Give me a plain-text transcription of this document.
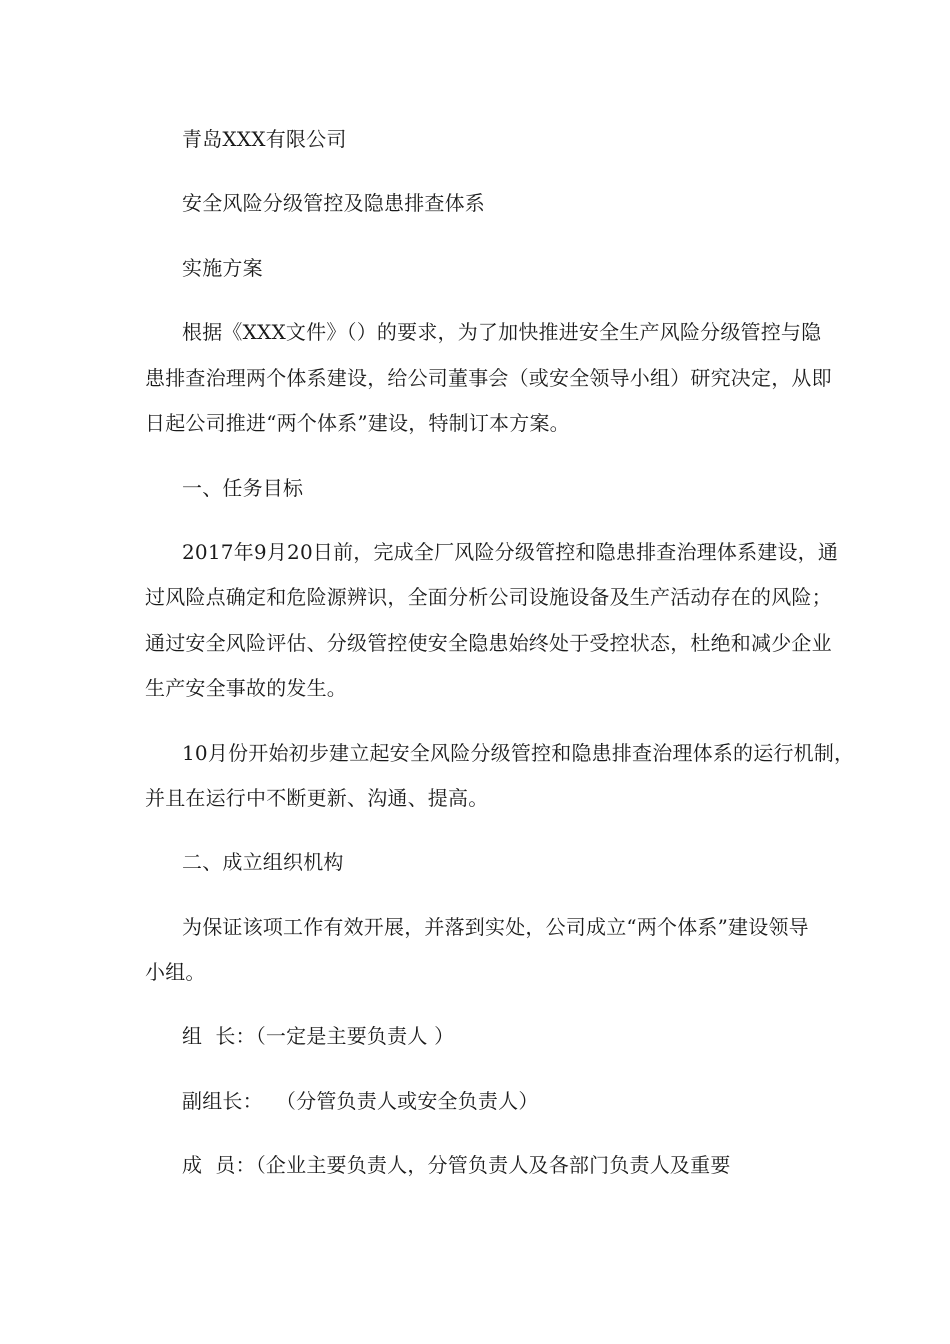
青岛XXX有限公司
安全风险分级管控及隐患排查体系
实施方案
根据《XXX文件》（）的要求，为了加快推进安全生产风险分级管控与隐
患排查治理两个体系建设，给公司董事会（或安全领导小组）研究决定，从即
日起公司推进“两个体系”建设，特制订本方案。
一、任务目标
2017年9月20日前，完成全厂风险分级管控和隐患排查治理体系建设，通
过风险点确定和危险源辨识，全面分析公司设施设备及生产活动存在的风险；
通过安全风险评估、分级管控使安全隐患始终处于受控状态，杜绝和减少企业
生产安全事故的发生。
10月份开始初步建立起安全风险分级管控和隐患排查治理体系的运行机制，
并且在运行中不断更新、沟通、提高。
二、成立组织机构
为保证该项工作有效开展，并落到实处，公司成立“两个体系”建设领导
小组。
组  长：（一定是主要负责人 ）
副组长：  （分管负责人或安全负责人）
成  员：（企业主要负责人，分管负责人及各部门负责人及重要
